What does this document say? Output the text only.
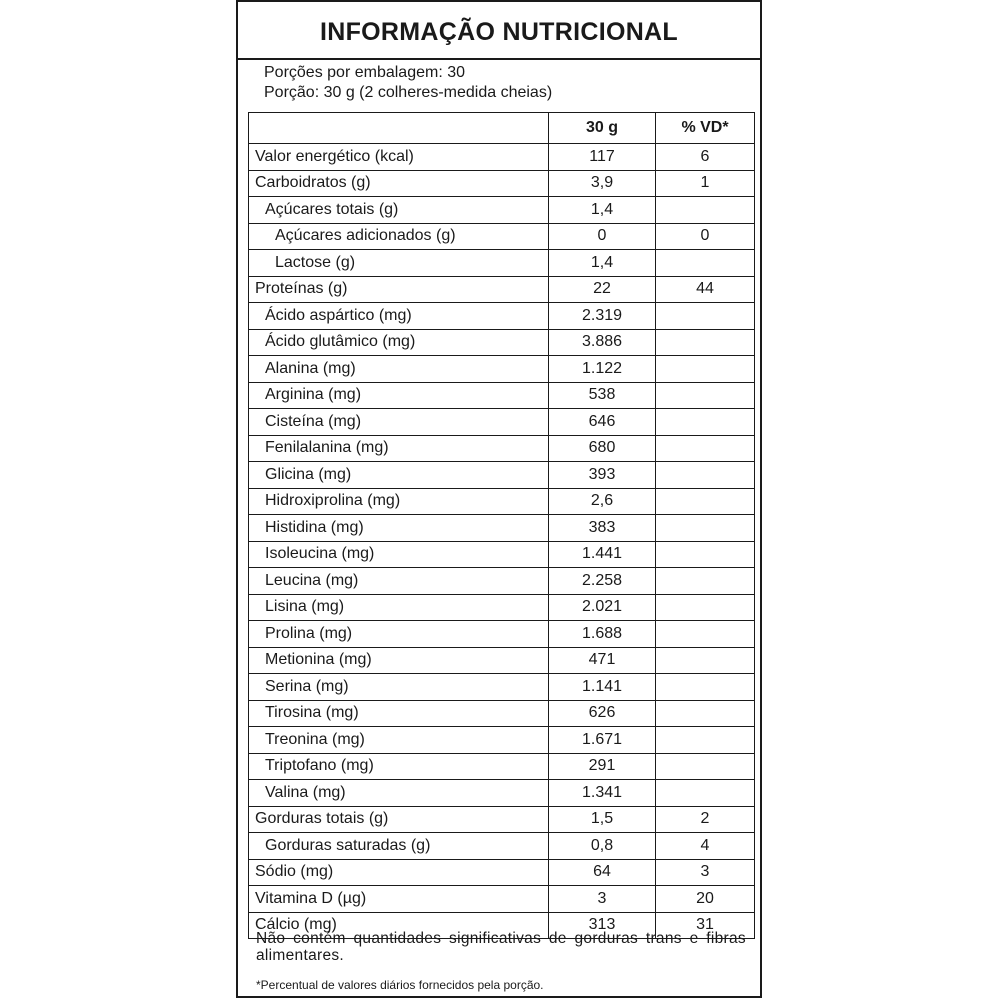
INFORMAÇÃO NUTRICIONAL
Porções por embalagem: 30
Porção: 30 g (2 colheres-medida cheias)
	30 g	% VD*
Valor energético (kcal)	117	6
Carboidratos (g)	3,9	1
Açúcares totais (g)	1,4	
Açúcares adicionados (g)	0	0
Lactose (g)	1,4	
Proteínas (g)	22	44
Ácido aspártico (mg)	2.319	
Ácido glutâmico (mg)	3.886	
Alanina (mg)	1.122	
Arginina (mg)	538	
Cisteína (mg)	646	
Fenilalanina (mg)	680	
Glicina (mg)	393	
Hidroxiprolina (mg)	2,6	
Histidina (mg)	383	
Isoleucina (mg)	1.441	
Leucina (mg)	2.258	
Lisina (mg)	2.021	
Prolina (mg)	1.688	
Metionina (mg)	471	
Serina (mg)	1.141	
Tirosina (mg)	626	
Treonina (mg)	1.671	
Triptofano (mg)	291	
Valina (mg)	1.341	
Gorduras totais (g)	1,5	2
Gorduras saturadas (g)	0,8	4
Sódio (mg)	64	3
Vitamina D (µg)	3	20
Cálcio (mg)	313	31
Não contém quantidades significativas de gorduras trans e fibras alimentares.
*Percentual de valores diários fornecidos pela porção.
